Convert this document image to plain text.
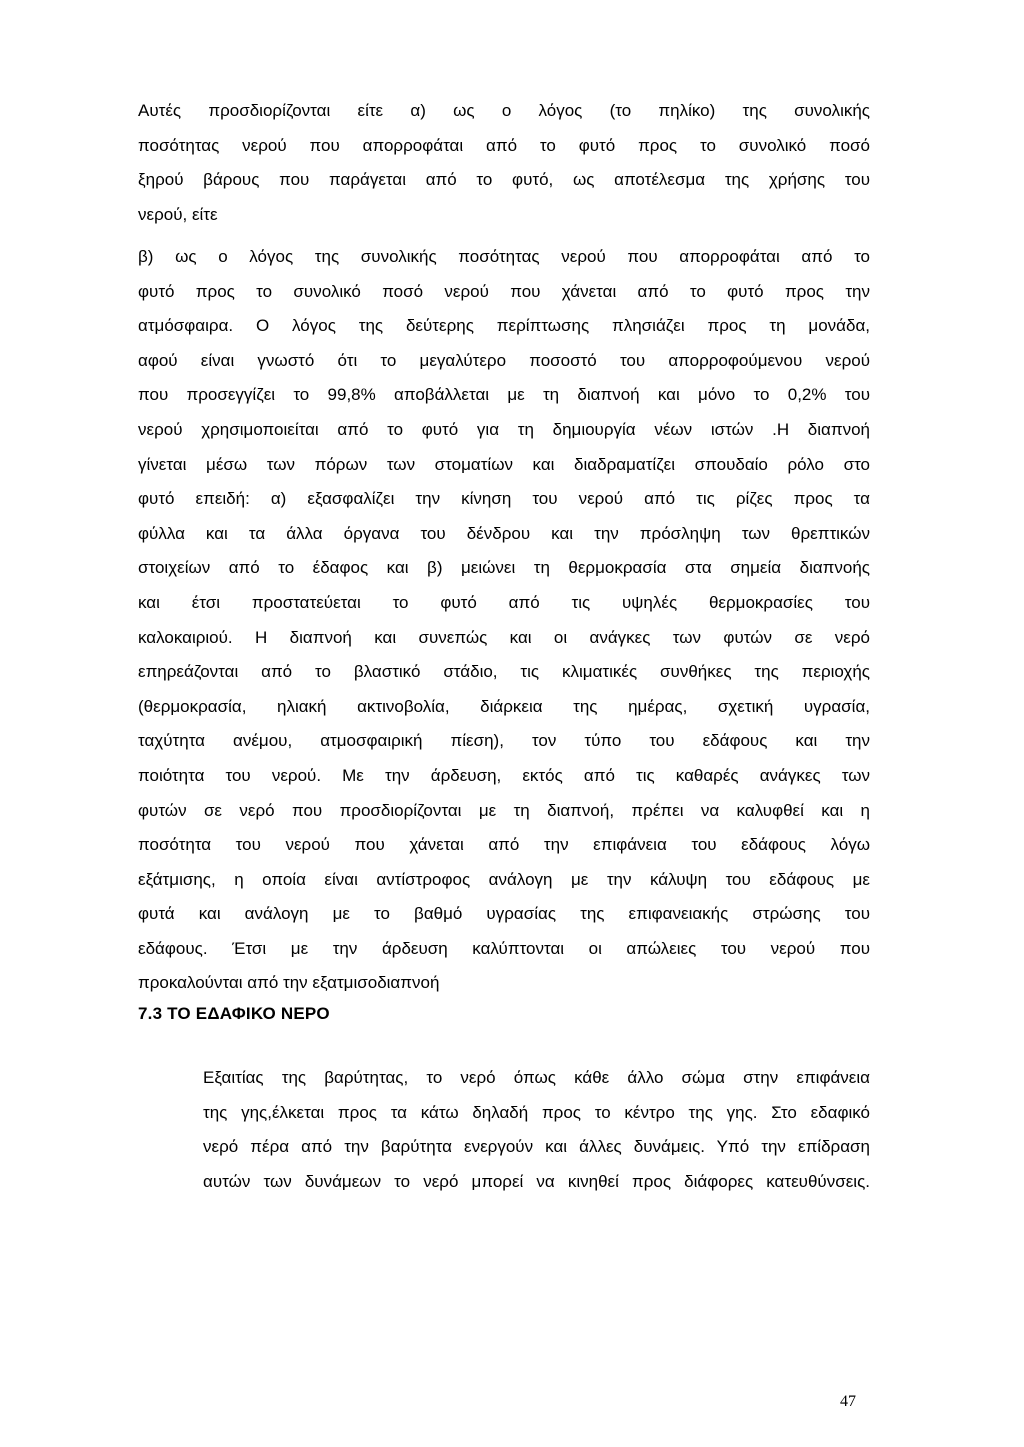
Αυτές προσδιορίζονται είτε α) ως ο λόγος (το πηλίκο) της συνολικής
ποσότητας νερού που απορροφάται από το φυτό προς το συνολικό ποσό
ξηρού βάρους που παράγεται από το φυτό, ως αποτέλεσμα της χρήσης του
νερού, είτε
β) ως ο λόγος της συνολικής ποσότητας νερού που απορροφάται από το
φυτό προς το συνολικό ποσό νερού που χάνεται από το φυτό προς την
ατμόσφαιρα. Ο λόγος της δεύτερης περίπτωσης πλησιάζει προς τη μονάδα,
αφού είναι γνωστό ότι το μεγαλύτερο ποσοστό του απορροφούμενου νερού
που προσεγγίζει το 99,8% αποβάλλεται με τη διαπνοή και μόνο το 0,2% του
νερού χρησιμοποιείται από το φυτό για τη δημιουργία νέων ιστών .Η διαπνοή
γίνεται μέσω των πόρων των στοματίων και διαδραματίζει σπουδαίο ρόλο στο
φυτό επειδή: α) εξασφαλίζει την κίνηση του νερού από τις ρίζες προς τα
φύλλα και τα άλλα όργανα του δένδρου και την πρόσληψη των θρεπτικών
στοιχείων από το έδαφος και β) μειώνει τη θερμοκρασία στα σημεία διαπνοής
και έτσι προστατεύεται το φυτό από τις υψηλές θερμοκρασίες του
καλοκαιριού. Η διαπνοή και συνεπώς και οι ανάγκες των φυτών σε νερό
επηρεάζονται από το βλαστικό στάδιο, τις κλιματικές συνθήκες της περιοχής
(θερμοκρασία, ηλιακή ακτινοβολία, διάρκεια της ημέρας, σχετική υγρασία,
ταχύτητα ανέμου, ατμοσφαιρική πίεση), τον τύπο του εδάφους και την
ποιότητα του νερού. Με την άρδευση, εκτός από τις καθαρές ανάγκες των
φυτών σε νερό που προσδιορίζονται με τη διαπνοή, πρέπει να καλυφθεί και η
ποσότητα του νερού που χάνεται από την επιφάνεια του εδάφους λόγω
εξάτμισης, η οποία είναι αντίστροφος ανάλογη με την κάλυψη του εδάφους με
φυτά και ανάλογη με το βαθμό υγρασίας της επιφανειακής στρώσης του
εδάφους. Έτσι με την άρδευση καλύπτονται οι απώλειες του νερού που
προκαλούνται από την εξατμισοδιαπνοή
7.3 ΤΟ ΕΔΑΦΙΚΟ ΝΕΡΟ
Εξαιτίας της βαρύτητας, το νερό όπως κάθε άλλο σώμα στην επιφάνεια
της γης,έλκεται προς τα κάτω δηλαδή προς το κέντρο της γης. Στο εδαφικό
νερό πέρα από την βαρύτητα ενεργούν και άλλες δυνάμεις. Υπό την επίδραση
αυτών των δυνάμεων το νερό μπορεί να κινηθεί προς διάφορες κατευθύνσεις.
47
